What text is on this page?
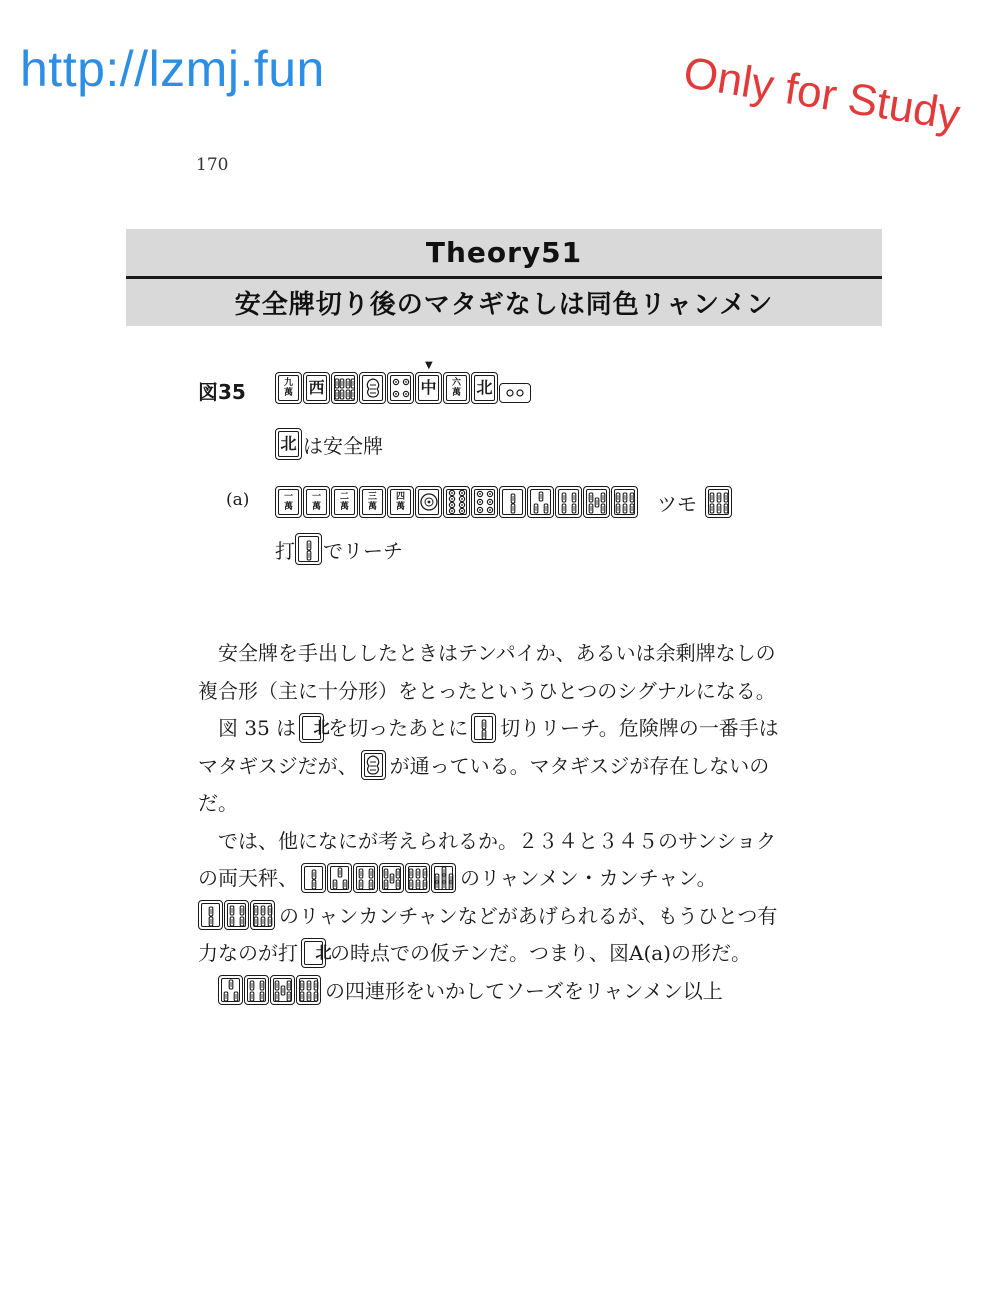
http://lzmj.fun	Only for Study
170
Theory51
安全牌切り後のマタギなしは同色リャンメン
図35	九
萬 西	中
▼
六
萬 北
北 は安全牌
(a)	一
萬
一
萬
二
萬
三
萬
四
萬	ツモ
打 でリーチ

安全牌を手出ししたときはテンパイか、あるいは余剰牌なしの複合形（主に十分形）をとったというひとつのシグナルになる。

図 35 は	北
を切ったあとに 切りリーチ。危険牌の一番手はマタギスジだが、 が通っている。マタギスジが存在しないのだ。

では、他になにが考えられるか。２３４と３４５のサンショクの両天秤、	のリャンメン・カンチャン。
のリャンカンチャンなどがあげられるが、もうひとつ有力なのが打	北
の時点での仮テンだ。つまり、図A(a)の形だ。

の四連形をいかしてソーズをリャンメン以上
